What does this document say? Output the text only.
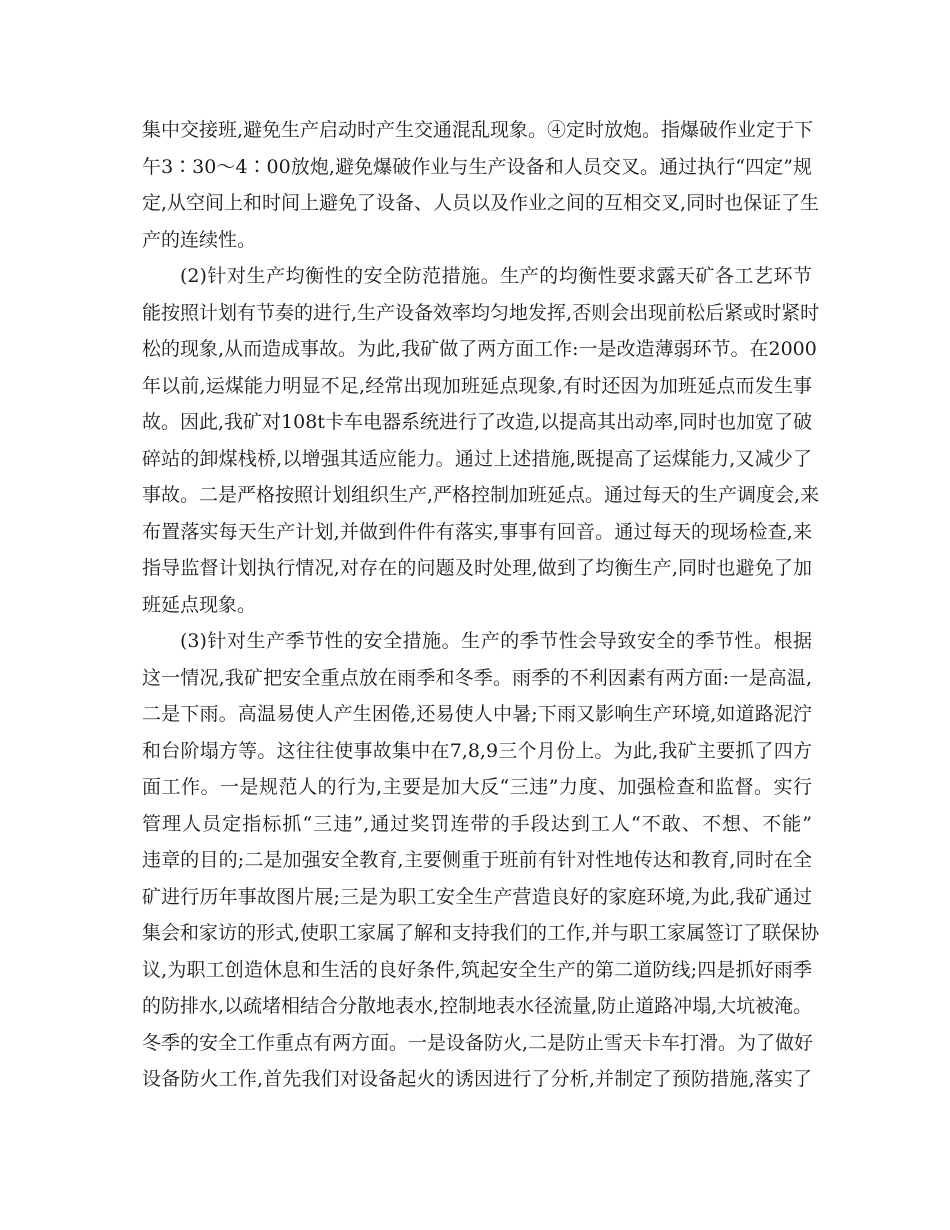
集中交接班,避免生产启动时产生交通混乱现象。④定时放炮。指爆破作业定于下
午3∶30～4∶00放炮,避免爆破作业与生产设备和人员交叉。通过执行“四定”规
定,从空间上和时间上避免了设备、人员以及作业之间的互相交叉,同时也保证了生
产的连续性。
(2)针对生产均衡性的安全防范措施。生产的均衡性要求露天矿各工艺环节
能按照计划有节奏的进行,生产设备效率均匀地发挥,否则会出现前松后紧或时紧时
松的现象,从而造成事故。为此,我矿做了两方面工作:一是改造薄弱环节。在2000
年以前,运煤能力明显不足,经常出现加班延点现象,有时还因为加班延点而发生事
故。因此,我矿对108t卡车电器系统进行了改造,以提高其出动率,同时也加宽了破
碎站的卸煤栈桥,以增强其适应能力。通过上述措施,既提高了运煤能力,又减少了
事故。二是严格按照计划组织生产,严格控制加班延点。通过每天的生产调度会,来
布置落实每天生产计划,并做到件件有落实,事事有回音。通过每天的现场检查,来
指导监督计划执行情况,对存在的问题及时处理,做到了均衡生产,同时也避免了加
班延点现象。
(3)针对生产季节性的安全措施。生产的季节性会导致安全的季节性。根据
这一情况,我矿把安全重点放在雨季和冬季。雨季的不利因素有两方面:一是高温,
二是下雨。高温易使人产生困倦,还易使人中暑;下雨又影响生产环境,如道路泥泞
和台阶塌方等。这往往使事故集中在7,8,9三个月份上。为此,我矿主要抓了四方
面工作。一是规范人的行为,主要是加大反“三违”力度、加强检查和监督。实行
管理人员定指标抓“三违”,通过奖罚连带的手段达到工人“不敢、不想、不能”
违章的目的;二是加强安全教育,主要侧重于班前有针对性地传达和教育,同时在全
矿进行历年事故图片展;三是为职工安全生产营造良好的家庭环境,为此,我矿通过
集会和家访的形式,使职工家属了解和支持我们的工作,并与职工家属签订了联保协
议,为职工创造休息和生活的良好条件,筑起安全生产的第二道防线;四是抓好雨季
的防排水,以疏堵相结合分散地表水,控制地表水径流量,防止道路冲塌,大坑被淹。
冬季的安全工作重点有两方面。一是设备防火,二是防止雪天卡车打滑。为了做好
设备防火工作,首先我们对设备起火的诱因进行了分析,并制定了预防措施,落实了
